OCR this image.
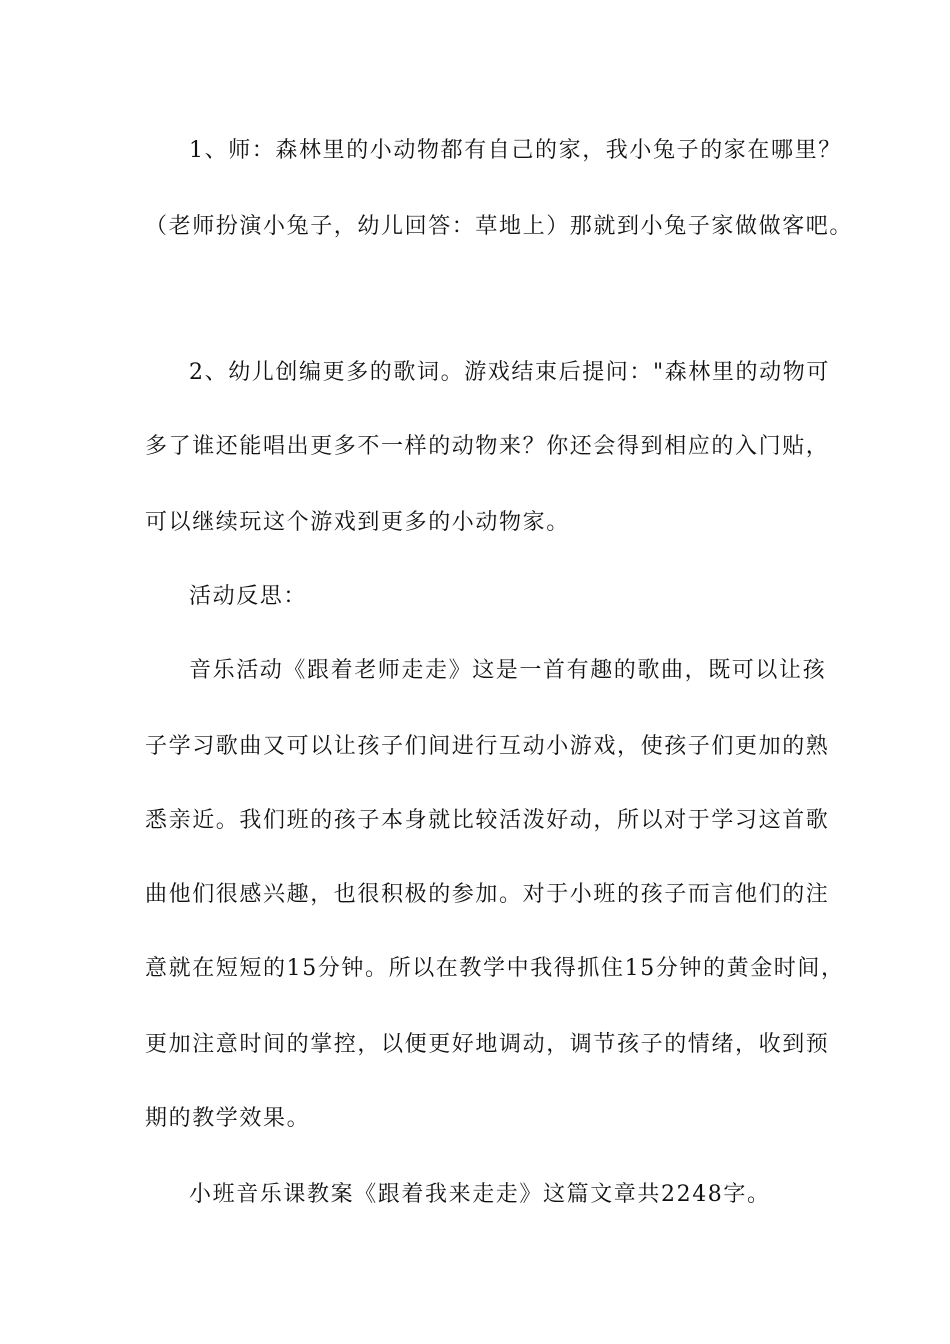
1、师：森林里的小动物都有自己的家，我小兔子的家在哪里？
（老师扮演小兔子，幼儿回答：草地上）那就到小兔子家做做客吧。
2、幼儿创编更多的歌词。游戏结束后提问："森林里的动物可
多了谁还能唱出更多不一样的动物来？你还会得到相应的入门贴，
可以继续玩这个游戏到更多的小动物家。
活动反思：
音乐活动《跟着老师走走》这是一首有趣的歌曲，既可以让孩
子学习歌曲又可以让孩子们间进行互动小游戏，使孩子们更加的熟
悉亲近。我们班的孩子本身就比较活泼好动，所以对于学习这首歌
曲他们很感兴趣，也很积极的参加。对于小班的孩子而言他们的注
意就在短短的15分钟。所以在教学中我得抓住15分钟的黄金时间，
更加注意时间的掌控，以便更好地调动，调节孩子的情绪，收到预
期的教学效果。
小班音乐课教案《跟着我来走走》这篇文章共2248字。
